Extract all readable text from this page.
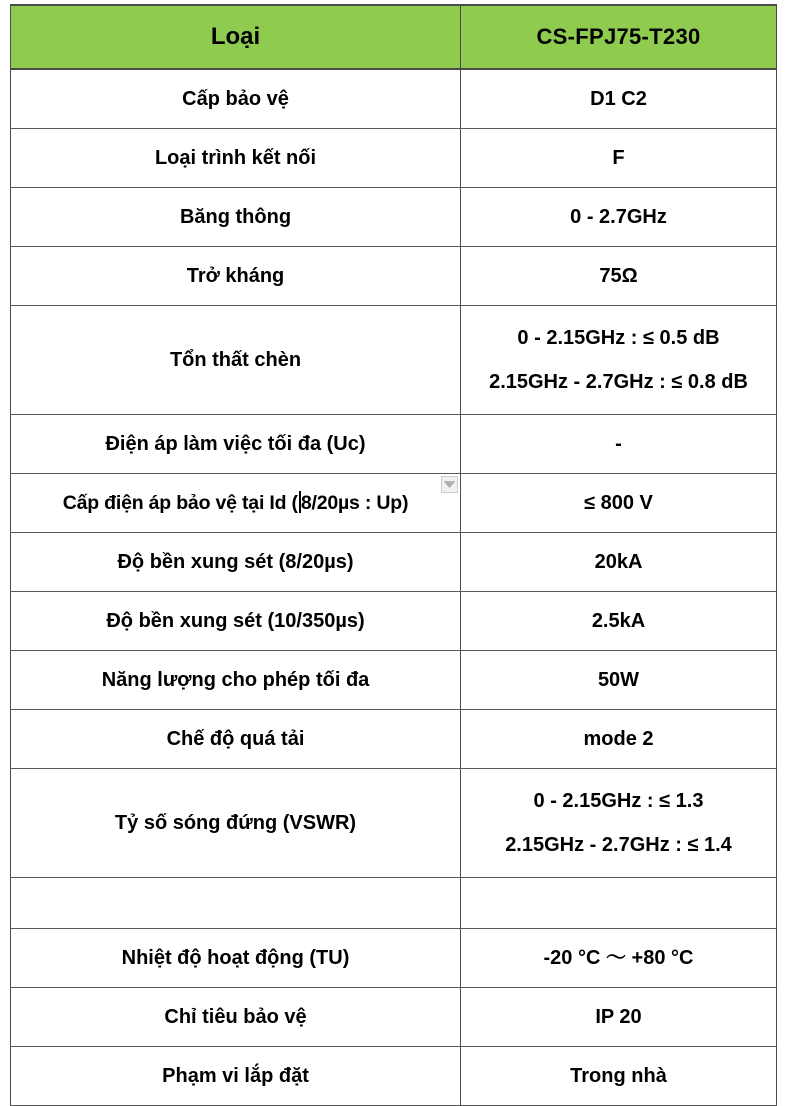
Loại	CS-FPJ75-T230
Cấp bảo vệ	D1 C2
Loại trình kết nối	F
Băng thông	0 - 2.7GHz
Trở kháng	75Ω
Tổn thất chèn	0 - 2.15GHz : ≤ 0.5 dB
2.15GHz - 2.7GHz : ≤ 0.8 dB

Điện áp làm việc tối đa (Uc)	-
Cấp điện áp bảo vệ tại Id ( 8/20µs : Up)	≤ 800 V
Độ bền xung sét (8/20µs)	20kA
Độ bền xung sét (10/350µs)	2.5kA
Năng lượng cho phép tối đa	50W
Chế độ quá tải	mode 2
Tỷ số sóng đứng (VSWR)	0 - 2.15GHz : ≤ 1.3
2.15GHz - 2.7GHz : ≤ 1.4

Nhiệt độ hoạt động (TU)	-20 °C ～ +80 °C
Chỉ tiêu bảo vệ	IP 20
Phạm vi lắp đặt	Trong nhà
